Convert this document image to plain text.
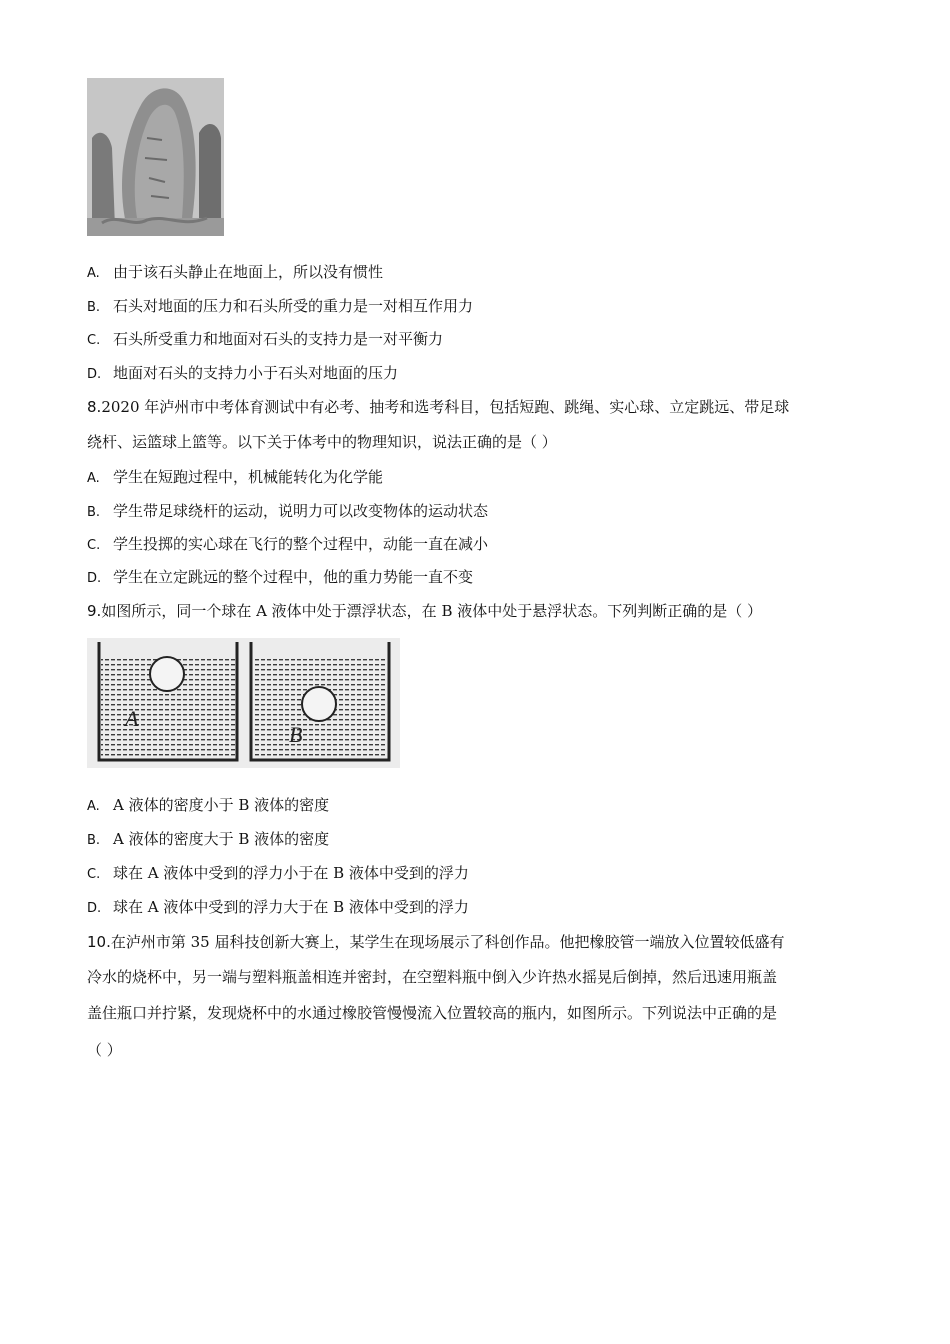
A. 由于该石头静止在地面上，所以没有惯性
B. 石头对地面的压力和石头所受的重力是一对相互作用力
C. 石头所受重力和地面对石头的支持力是一对平衡力
D. 地面对石头的支持力小于石头对地面的压力
8.2020 年泸州市中考体育测试中有必考、抽考和选考科目，包括短跑、跳绳、实心球、立定跳远、带足球
绕杆、运篮球上篮等。以下关于体考中的物理知识，说法正确的是（ ）
A. 学生在短跑过程中，机械能转化为化学能
B. 学生带足球绕杆的运动，说明力可以改变物体的运动状态
C. 学生投掷的实心球在飞行的整个过程中，动能一直在减小
D. 学生在立定跳远的整个过程中，他的重力势能一直不变
9.如图所示，同一个球在 A 液体中处于漂浮状态，在 B 液体中处于悬浮状态。下列判断正确的是（ ）
A
B
A. A 液体的密度小于 B 液体的密度
B. A 液体的密度大于 B 液体的密度
C. 球在 A 液体中受到的浮力小于在 B 液体中受到的浮力
D. 球在 A 液体中受到的浮力大于在 B 液体中受到的浮力
10.在泸州市第 35 届科技创新大赛上，某学生在现场展示了科创作品。他把橡胶管一端放入位置较低盛有
冷水的烧杯中，另一端与塑料瓶盖相连并密封，在空塑料瓶中倒入少许热水摇晃后倒掉，然后迅速用瓶盖
盖住瓶口并拧紧，发现烧杯中的水通过橡胶管慢慢流入位置较高的瓶内，如图所示。下列说法中正确的是
（ ）
